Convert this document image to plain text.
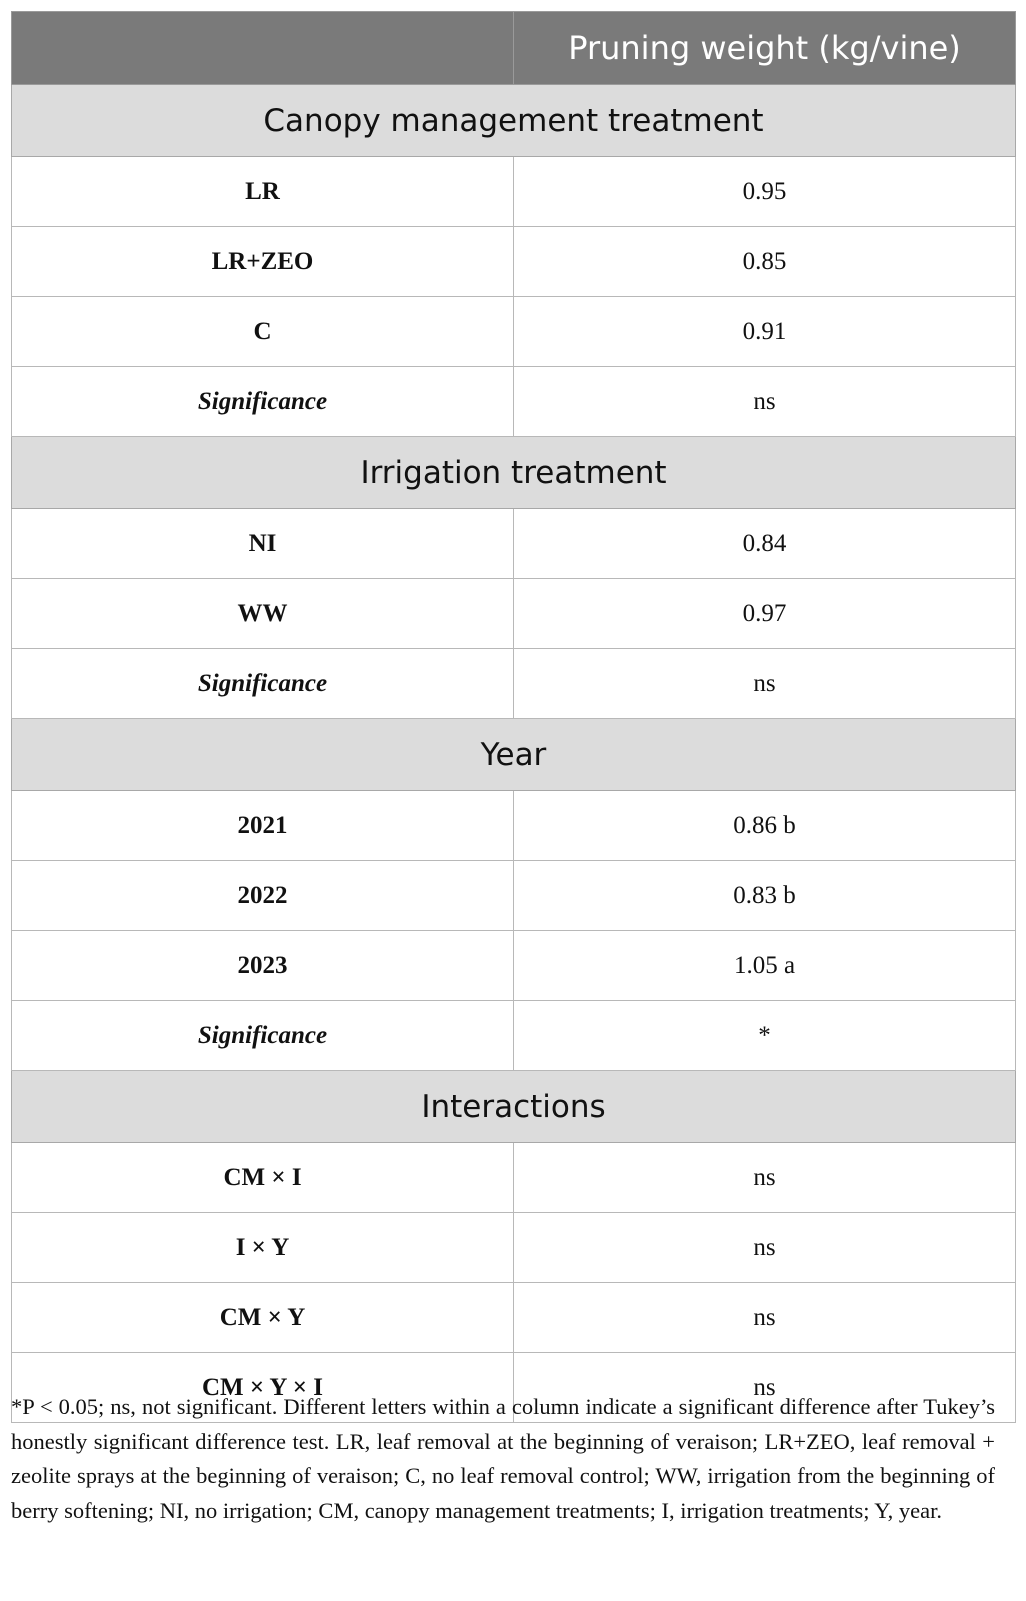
	Pruning weight (kg/vine)
Canopy management treatment	
LR	0.95
LR+ZEO	0.85
C	0.91
Significance	ns
Irrigation treatment	
NI	0.84
WW	0.97
Significance	ns
Year	
2021	0.86 b
2022	0.83 b
2023	1.05 a
Significance	*
Interactions	
CM × I	ns
I × Y	ns
CM × Y	ns
CM × Y × I	ns
*P < 0.05; ns, not significant. Different letters within a column indicate a significant difference after Tukey’s honestly significant difference test. LR, leaf removal at the beginning of veraison; LR+ZEO, leaf removal + zeolite sprays at the beginning of veraison; C, no leaf removal control; WW, irrigation from the beginning of berry softening; NI, no irrigation; CM, canopy management treatments; I, irrigation treatments; Y, year.
